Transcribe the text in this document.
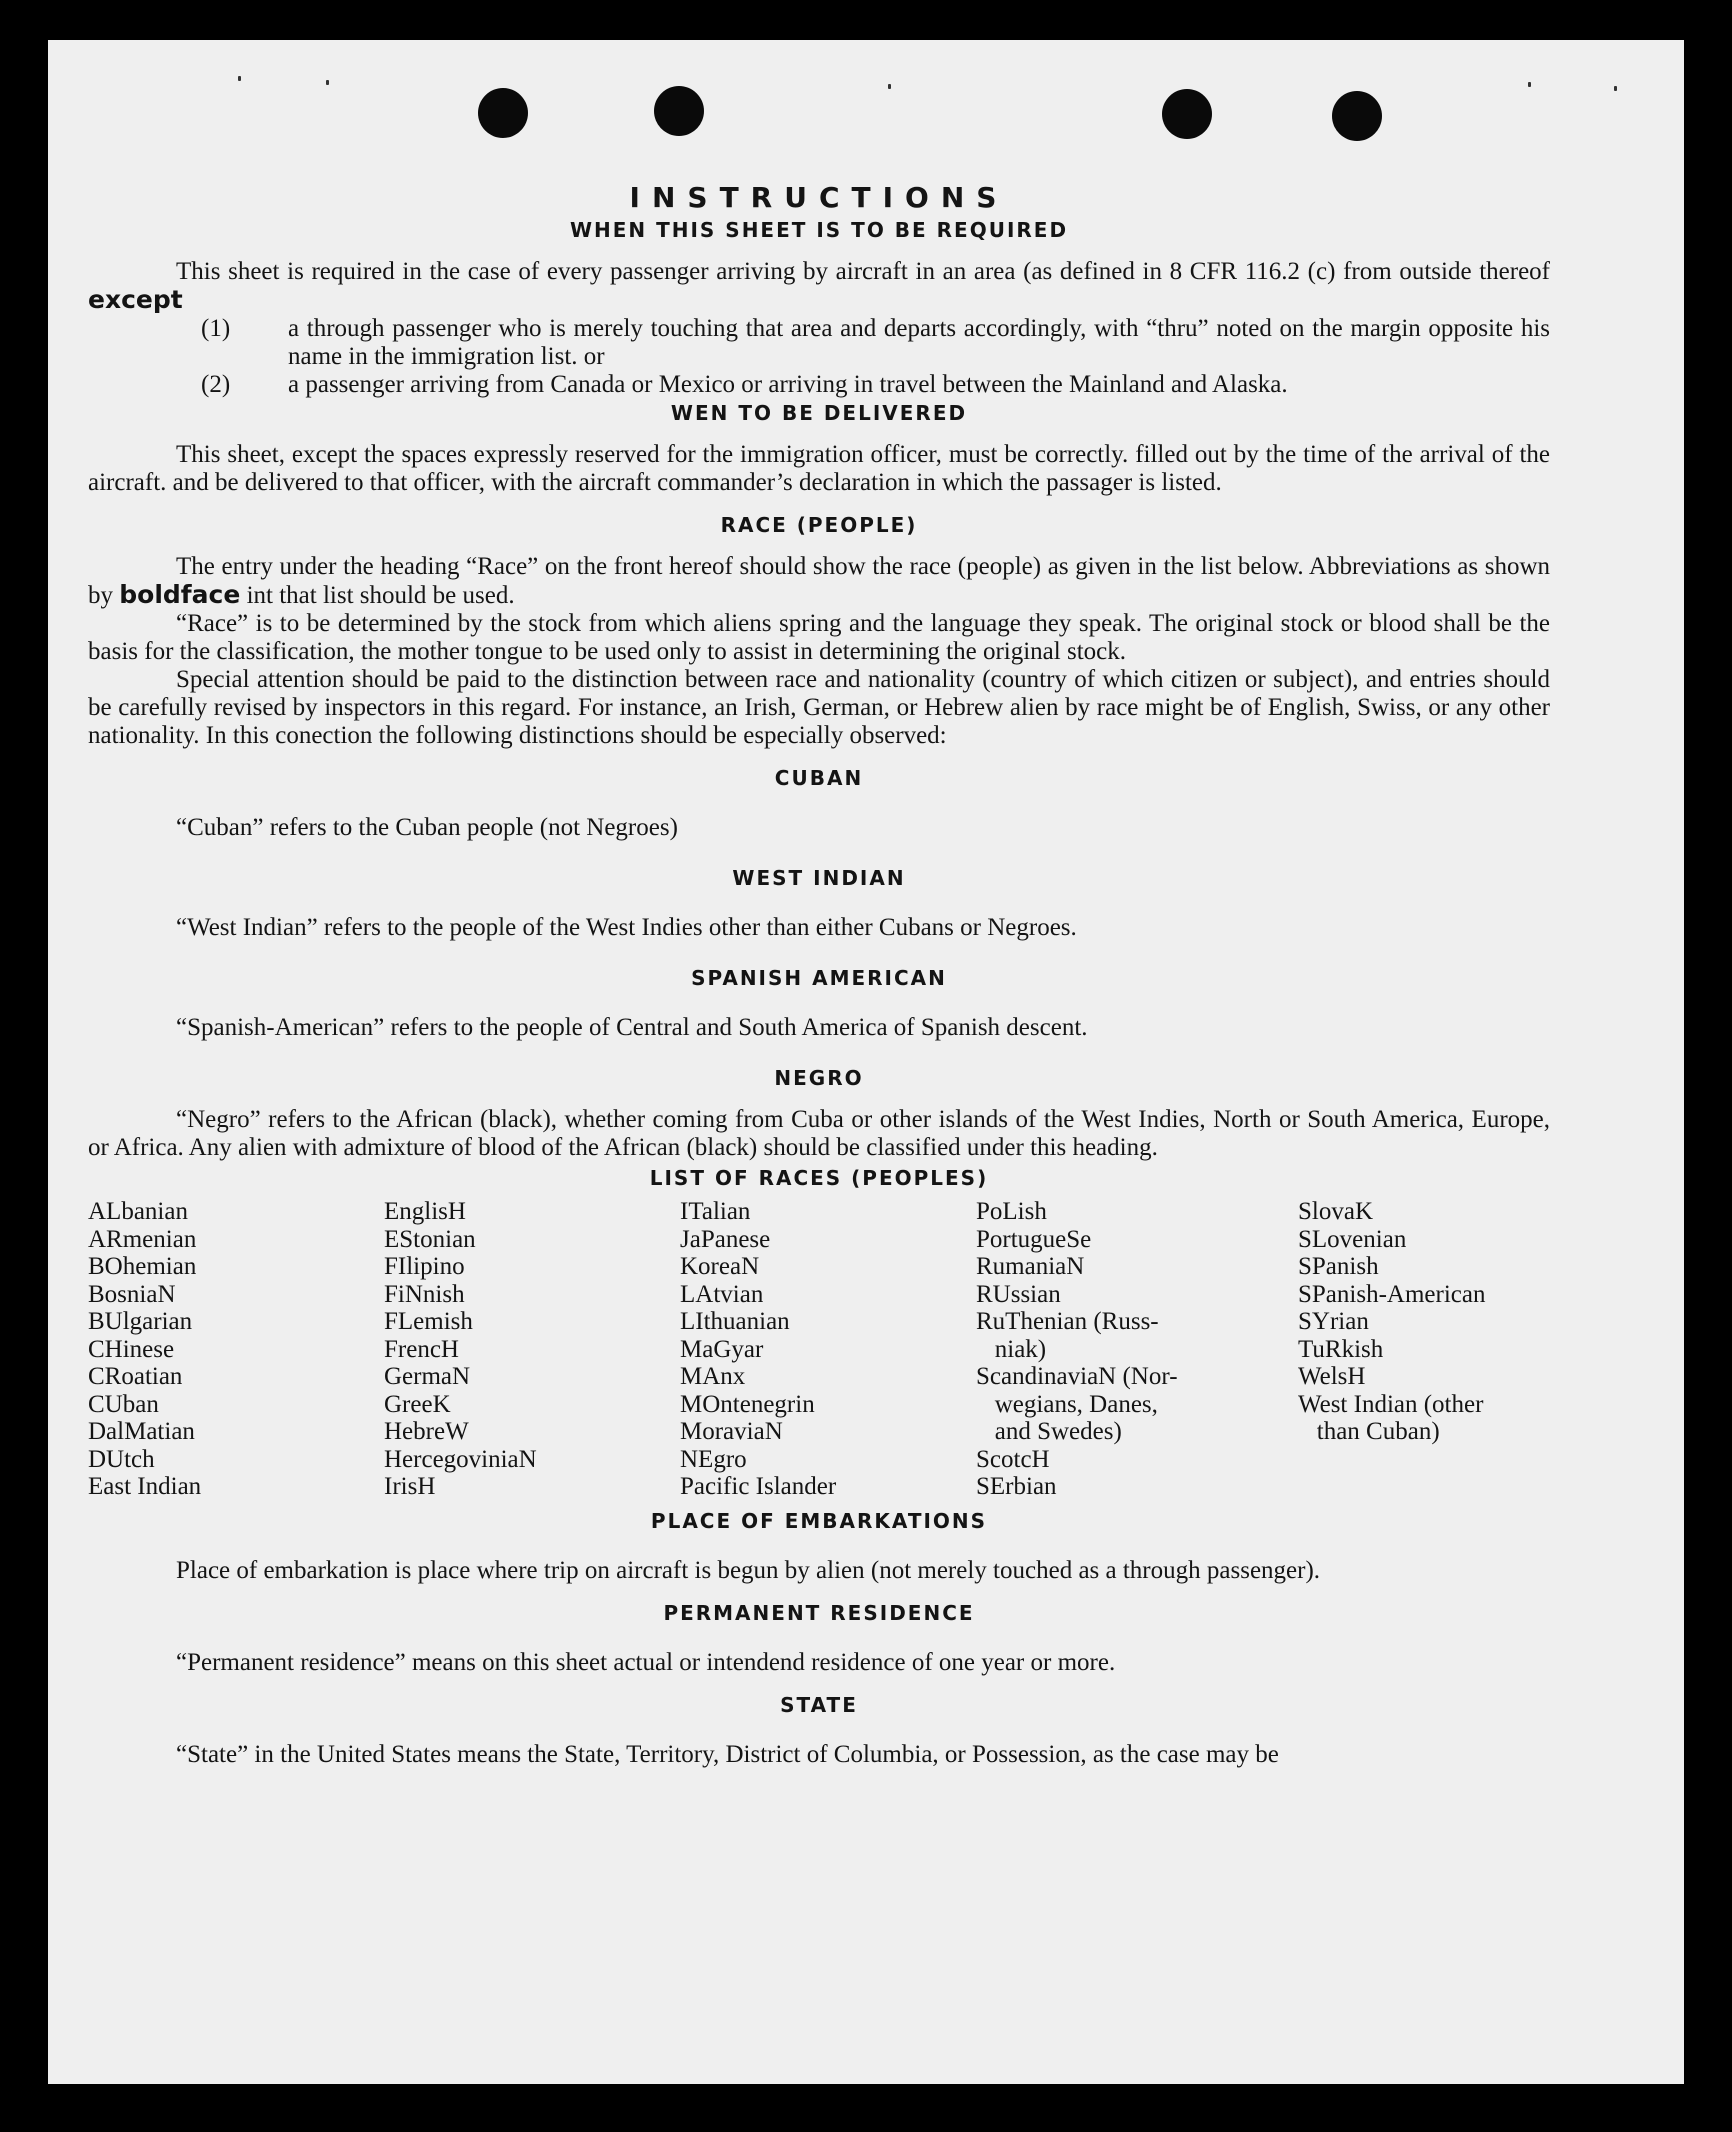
INSTRUCTIONS
WHEN THIS SHEET IS TO BE REQUIRED

This sheet is required in the case of every passenger arriving by aircraft in an area (as defined in 8 CFR 116.2 (c) from outside thereof except

(1) a through passenger who is merely touching that area and departs accordingly, with “thru” noted on the margin opposite his name in the immigration list. or
(2) a passenger arriving from Canada or Mexico or arriving in travel between the Mainland and Alaska.
WEN TO BE DELIVERED

This sheet, except the spaces expressly reserved for the immigration officer, must be correctly. filled out by the time of the arrival of the aircraft. and be delivered to that officer, with the aircraft commander’s declaration in which the passager is listed.

RACE (PEOPLE)

The entry under the heading “Race” on the front hereof should show the race (people) as given in the list below. Abbreviations as shown by boldface int that list should be used.

“Race” is to be determined by the stock from which aliens spring and the language they speak. The original stock or blood shall be the basis for the classification, the mother tongue to be used only to assist in determining the original stock.

Special attention should be paid to the distinction between race and nationality (country of which citizen or subject), and entries should be carefully revised by inspectors in this regard. For instance, an Irish, German, or Hebrew alien by race might be of English, Swiss, or any other nationality. In this conection the following distinctions should be especially observed:

CUBAN

“Cuban” refers to the Cuban people (not Negroes)

WEST INDIAN

“West Indian” refers to the people of the West Indies other than either Cubans or Negroes.

SPANISH AMERICAN

“Spanish-American” refers to the people of Central and South America of Spanish descent.

NEGRO

“Negro” refers to the African (black), whether coming from Cuba or other islands of the West Indies, North or South America, Europe, or Africa. Any alien with admixture of blood of the African (black) should be classified under this heading.

LIST OF RACES (PEOPLES)
ALbanian
ARmenian
BOhemian
BosniaN
BUlgarian
CHinese
CRoatian
CUban
DalMatian
DUtch
East Indian
EnglisH
EStonian
FIlipino
FiNnish
FLemish
FrencH
GermaN
GreeK
HebreW
HercegoviniaN
IrisH
ITalian
JaPanese
KoreaN
LAtvian
LIthuanian
MaGyar
MAnx
MOntenegrin
MoraviaN
NEgro
Pacific Islander
PoLish
PortugueSe
RumaniaN
RUssian
RuThenian (Russ-
niak)
ScandinaviaN (Nor-
wegians, Danes,
and Swedes)
ScotcH
SErbian
SlovaK
SLovenian
SPanish
SPanish-American
SYrian
TuRkish
WelsH
West Indian (other
than Cuban)
PLACE OF EMBARKATIONS

Place of embarkation is place where trip on aircraft is begun by alien (not merely touched as a through passenger).

PERMANENT RESIDENCE

“Permanent residence” means on this sheet actual or intendend residence of one year or more.

STATE

“State” in the United States means the State, Territory, District of Columbia, or Possession, as the case may be
